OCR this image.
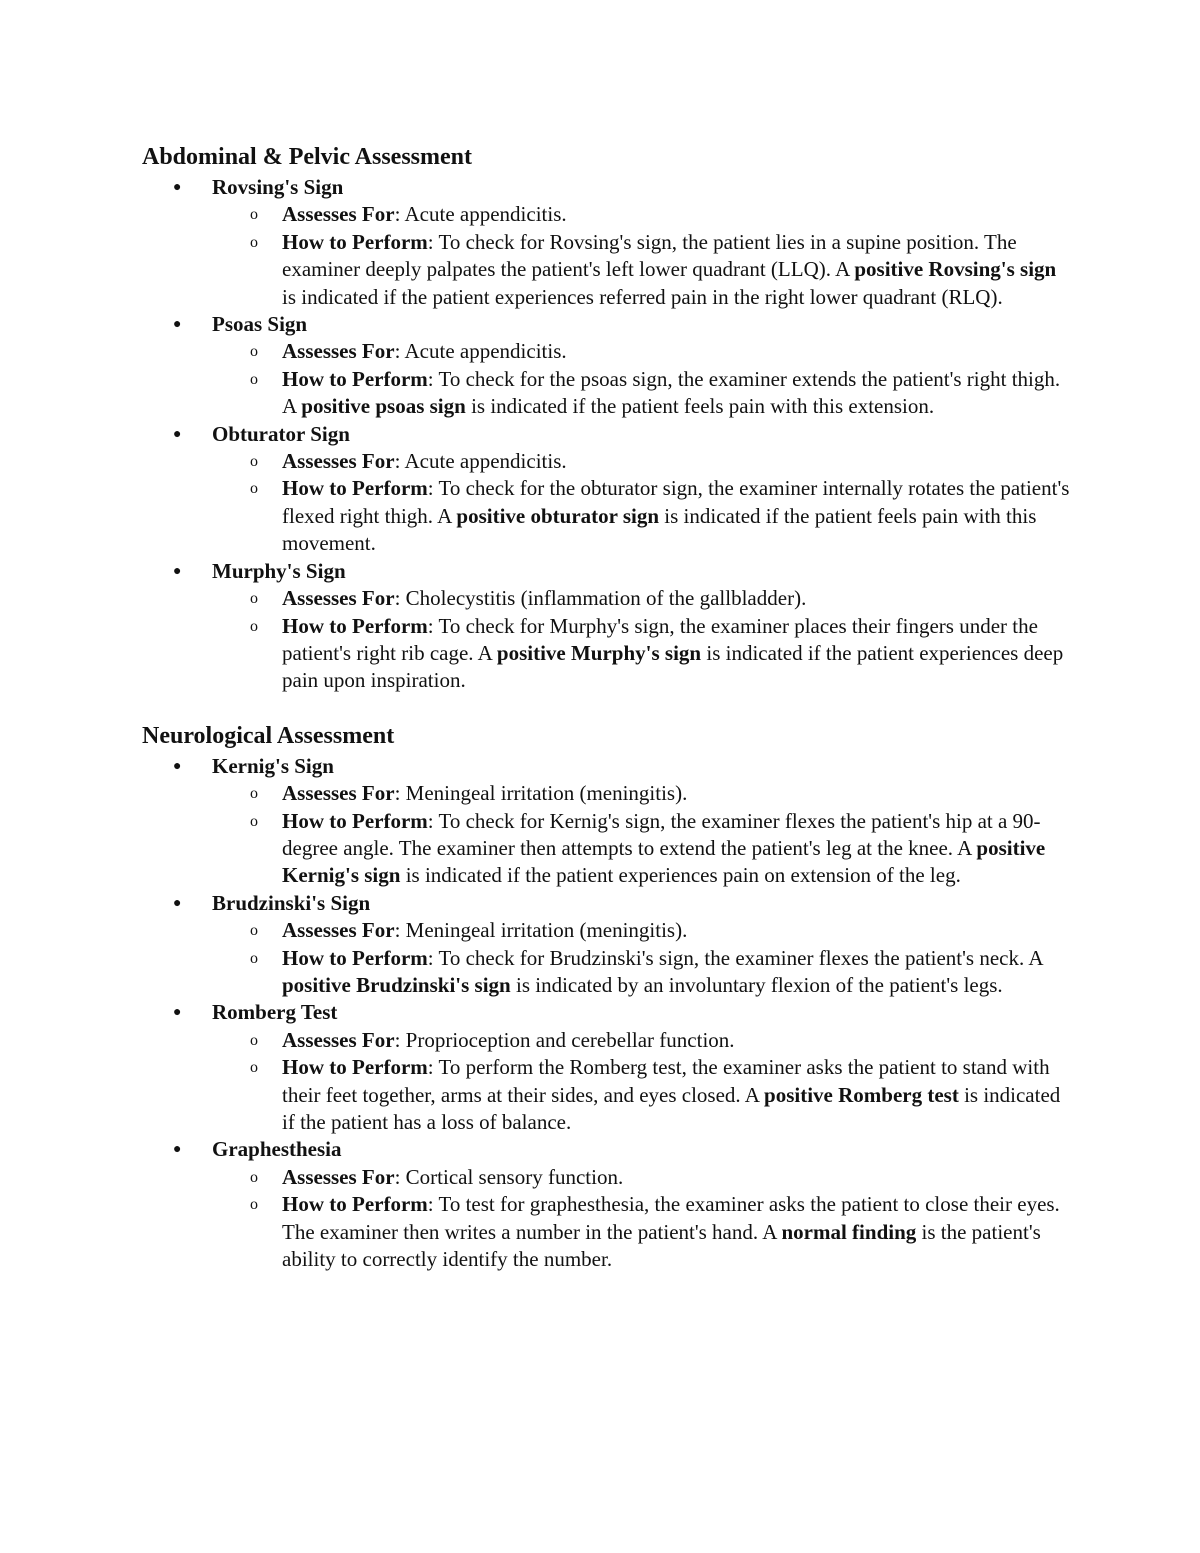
Abdominal & Pelvic Assessment
● Rovsing's Sign
o Assesses For: Acute appendicitis.
o How to Perform: To check for Rovsing's sign, the patient lies in a supine position. The examiner deeply palpates the patient's left lower quadrant (LLQ). A positive Rovsing's sign is indicated if the patient experiences referred pain in the right lower quadrant (RLQ).
● Psoas Sign
o Assesses For: Acute appendicitis.
o How to Perform: To check for the psoas sign, the examiner extends the patient's right thigh. A positive psoas sign is indicated if the patient feels pain with this extension.
● Obturator Sign
o Assesses For: Acute appendicitis.
o How to Perform: To check for the obturator sign, the examiner internally rotates the patient's flexed right thigh. A positive obturator sign is indicated if the patient feels pain with this movement.
● Murphy's Sign
o Assesses For: Cholecystitis (inflammation of the gallbladder).
o How to Perform: To check for Murphy's sign, the examiner places their fingers under the patient's right rib cage. A positive Murphy's sign is indicated if the patient experiences deep pain upon inspiration.
Neurological Assessment
● Kernig's Sign
o Assesses For: Meningeal irritation (meningitis).
o How to Perform: To check for Kernig's sign, the examiner flexes the patient's hip at a 90-degree angle. The examiner then attempts to extend the patient's leg at the knee. A positive Kernig's sign is indicated if the patient experiences pain on extension of the leg.
● Brudzinski's Sign
o Assesses For: Meningeal irritation (meningitis).
o How to Perform: To check for Brudzinski's sign, the examiner flexes the patient's neck. A positive Brudzinski's sign is indicated by an involuntary flexion of the patient's legs.
● Romberg Test
o Assesses For: Proprioception and cerebellar function.
o How to Perform: To perform the Romberg test, the examiner asks the patient to stand with their feet together, arms at their sides, and eyes closed. A positive Romberg test is indicated if the patient has a loss of balance.
● Graphesthesia
o Assesses For: Cortical sensory function.
o How to Perform: To test for graphesthesia, the examiner asks the patient to close their eyes. The examiner then writes a number in the patient's hand. A normal finding is the patient's ability to correctly identify the number.
